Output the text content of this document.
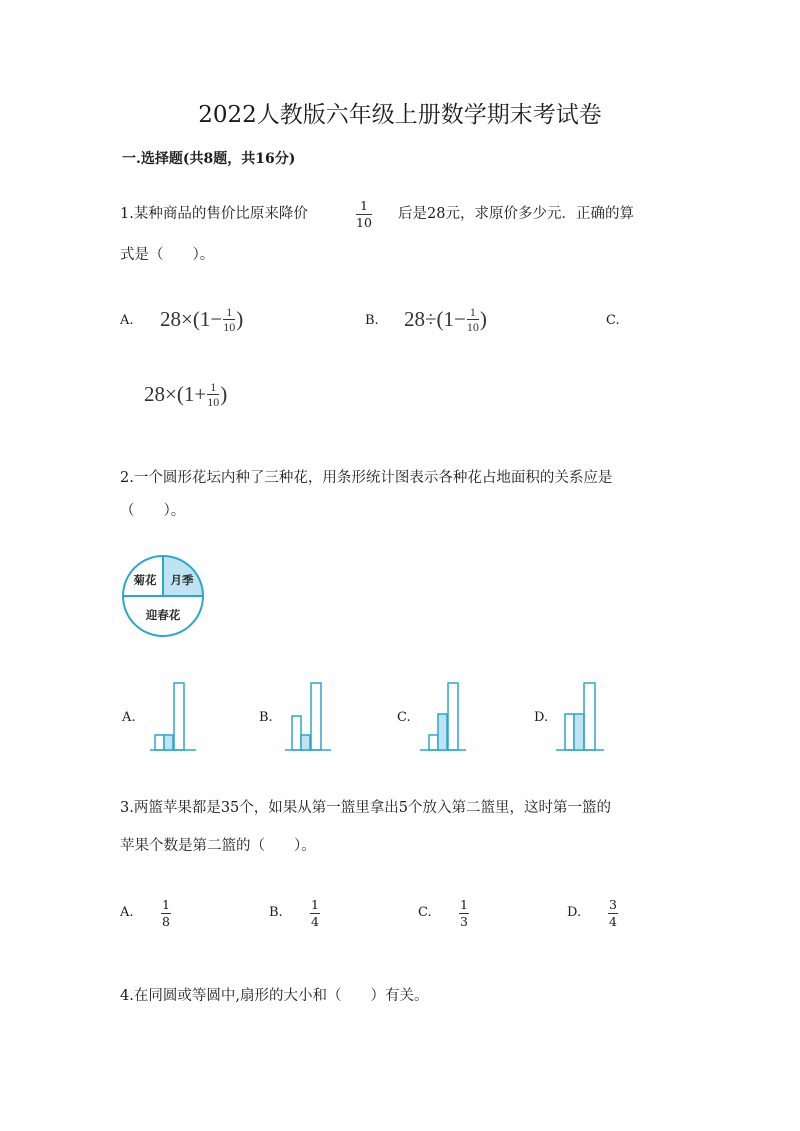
2022人教版六年级上册数学期末考试卷
一.选择题(共8题，共16分)
1.某种商品的售价比原来降价
1
10
后是28元，求原价多少元．正确的算
式是（　　）。
A. 28×(1− 1
10 )	B. 28÷(1− 1
10 )	C.
28×(1+ 1
10 )
2.一个圆形花坛内种了三种花，用条形统计图表示各种花占地面积的关系应是
（　　）。
菊花 月季
迎春花
A.	B.	C.	D.
3.两篮苹果都是35个，如果从第一篮里拿出5个放入第二篮里，这时第一篮的
苹果个数是第二篮的（　　）。
A.
1
8
B.
1
4
C.
1
3
D.
3
4
4.在同圆或等圆中,扇形的大小和（　　）有关。
